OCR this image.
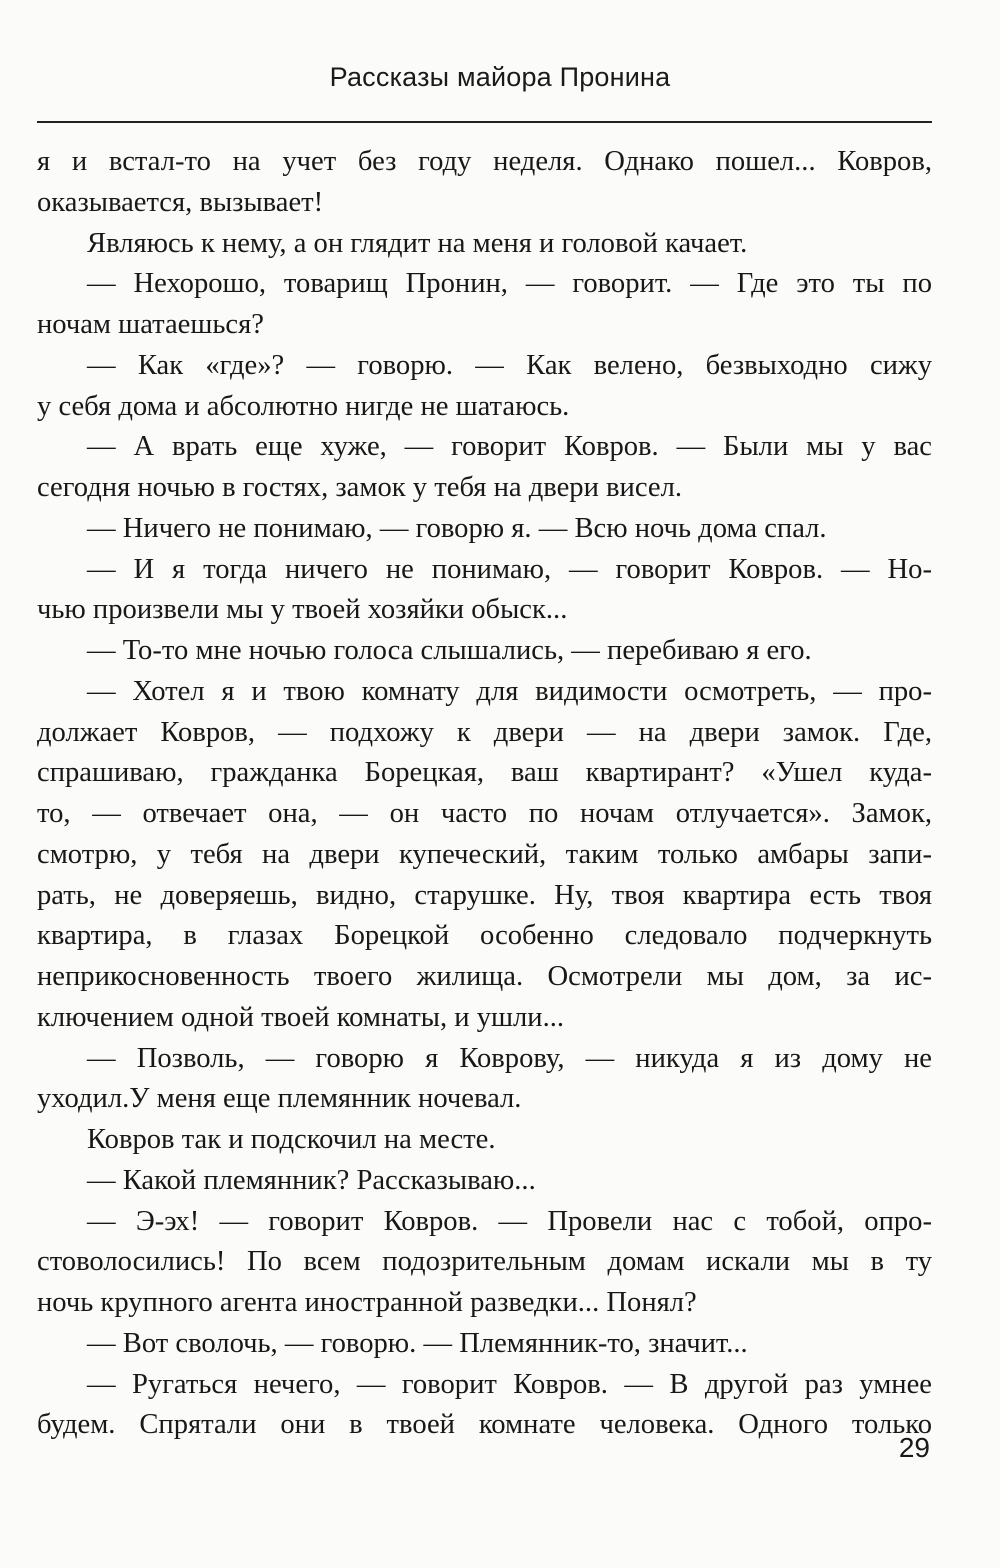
Рассказы майора Пронина
я и встал-то на учет без году неделя. Однако пошел... Ковров,
оказывается, вызывает!
Являюсь к нему, а он глядит на меня и головой качает.
— Нехорошо, товарищ Пронин, — говорит. — Где это ты по
ночам шатаешься?
— Как «где»? — говорю. — Как велено, безвыходно сижу
у себя дома и абсолютно нигде не шатаюсь.
— А врать еще хуже, — говорит Ковров. — Были мы у вас
сегодня ночью в гостях, замок у тебя на двери висел.
— Ничего не понимаю, — говорю я. — Всю ночь дома спал.
— И я тогда ничего не понимаю, — говорит Ковров. — Но-
чью произвели мы у твоей хозяйки обыск...
— То-то мне ночью голоса слышались, — перебиваю я его.
— Хотел я и твою комнату для видимости осмотреть, — про-
должает Ковров, — подхожу к двери — на двери замок. Где,
спрашиваю, гражданка Борецкая, ваш квартирант? «Ушел куда-
то, — отвечает она, — он часто по ночам отлучается». Замок,
смотрю, у тебя на двери купеческий, таким только амбары запи-
рать, не доверяешь, видно, старушке. Ну, твоя квартира есть твоя
квартира, в глазах Борецкой особенно следовало подчеркнуть
неприкосновенность твоего жилища. Осмотрели мы дом, за ис-
ключением одной твоей комнаты, и ушли...
— Позволь, — говорю я Коврову, — никуда я из дому не
уходил.У меня еще племянник ночевал.
Ковров так и подскочил на месте.
— Какой племянник? Рассказываю...
— Э-эх! — говорит Ковров. — Провели нас с тобой, опро-
стоволосились! По всем подозрительным домам искали мы в ту
ночь крупного агента иностранной разведки... Понял?
— Вот сволочь, — говорю. — Племянник-то, значит...
— Ругаться нечего, — говорит Ковров. — В другой раз умнее
будем. Спрятали они в твоей комнате человека. Одного только
29
